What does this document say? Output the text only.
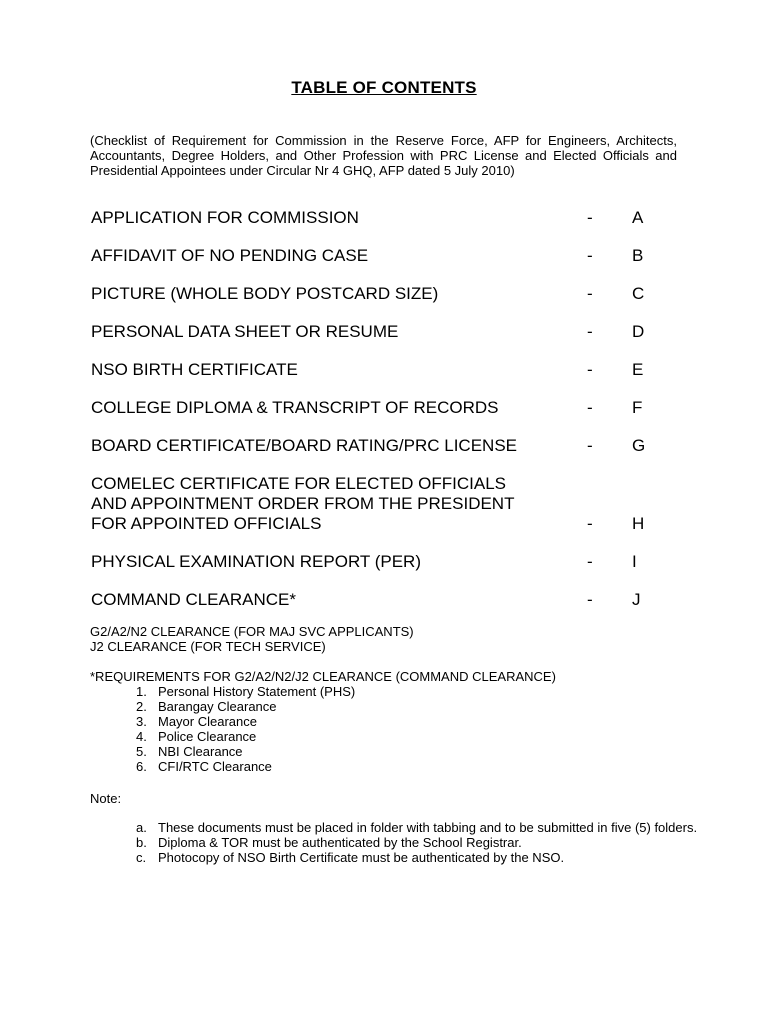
TABLE OF CONTENTS
(Checklist of Requirement for Commission in the Reserve Force, AFP for Engineers, Architects, Accountants, Degree Holders, and Other Profession with PRC License and Elected Officials and Presidential Appointees under Circular Nr 4 GHQ, AFP dated 5 July 2010)
APPLICATION FOR COMMISSION	- A
AFFIDAVIT OF NO PENDING CASE	- B
PICTURE (WHOLE BODY POSTCARD SIZE)	- C
PERSONAL DATA SHEET OR RESUME	- D
NSO BIRTH CERTIFICATE	- E
COLLEGE DIPLOMA & TRANSCRIPT OF RECORDS	- F
BOARD CERTIFICATE/BOARD RATING/PRC LICENSE	- G
COMELEC CERTIFICATE FOR ELECTED OFFICIALS
AND APPOINTMENT ORDER FROM THE PRESIDENT
FOR APPOINTED OFFICIALS	- H
PHYSICAL EXAMINATION REPORT (PER)	- I
COMMAND CLEARANCE*	- J
G2/A2/N2 CLEARANCE (FOR MAJ SVC APPLICANTS)
J2 CLEARANCE (FOR TECH SERVICE)
*REQUIREMENTS FOR G2/A2/N2/J2 CLEARANCE (COMMAND CLEARANCE)
1. Personal History Statement (PHS)
2. Barangay Clearance
3. Mayor Clearance
4. Police Clearance
5. NBI Clearance
6. CFI/RTC Clearance
Note:
a. These documents must be placed in folder with tabbing and to be submitted in five (5) folders.
b. Diploma & TOR must be authenticated by the School Registrar.
c. Photocopy of NSO Birth Certificate must be authenticated by the NSO.
